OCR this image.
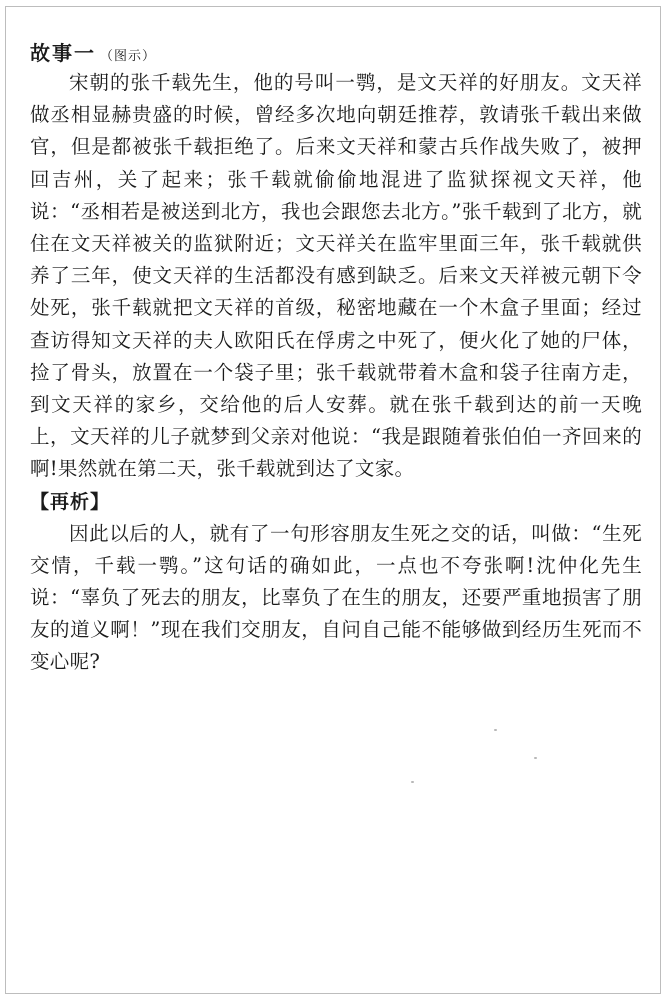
故事一 （图示）

宋朝的张千载先生，他的号叫一鹗，是文天祥的好朋友。文天祥做丞相显赫贵盛的时候，曾经多次地向朝廷推荐，敦请张千载出来做官，但是都被张千载拒绝了。后来文天祥和蒙古兵作战失败了，被押回吉州，关了起来；张千载就偷偷地混进了监狱探视文天祥，他说：“丞相若是被送到北方，我也会跟您去北方。”张千载到了北方，就住在文天祥被关的监狱附近；文天祥关在监牢里面三年，张千载就供养了三年，使文天祥的生活都没有感到缺乏。后来文天祥被元朝下令处死，张千载就把文天祥的首级，秘密地藏在一个木盒子里面；经过查访得知文天祥的夫人欧阳氏在俘虏之中死了，便火化了她的尸体，捡了骨头，放置在一个袋子里；张千载就带着木盒和袋子往南方走，到文天祥的家乡，交给他的后人安葬。就在张千载到达的前一天晚上，文天祥的儿子就梦到父亲对他说：“我是跟随着张伯伯一齐回来的啊!果然就在第二天，张千载就到达了文家。

【再析】

因此以后的人，就有了一句形容朋友生死之交的话，叫做：“生死交情，千载一鹗。”这句话的确如此，一点也不夸张啊!沈仲化先生说：“辜负了死去的朋友，比辜负了在生的朋友，还要严重地损害了朋友的道义啊！”现在我们交朋友，自问自己能不能够做到经历生死而不变心呢?
